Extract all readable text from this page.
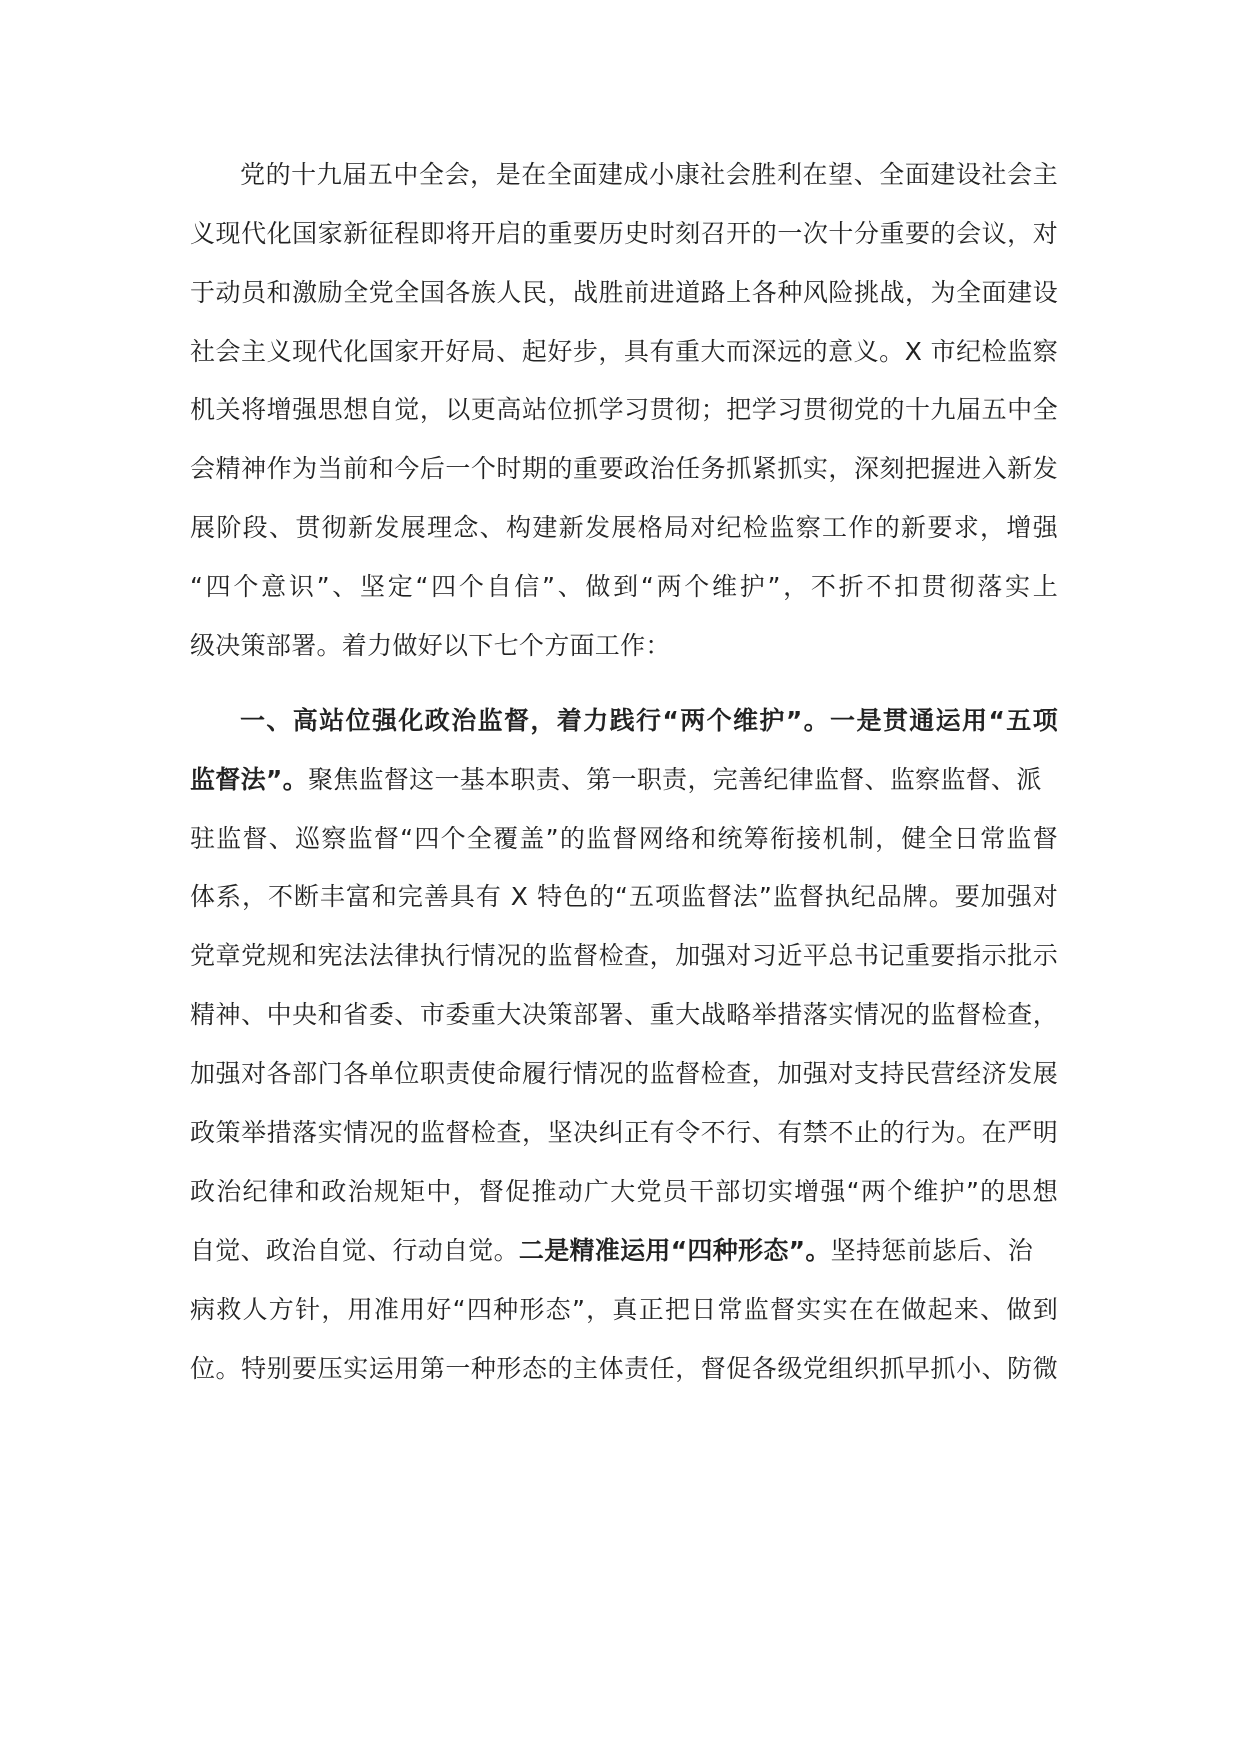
党的十九届五中全会，是在全面建成小康社会胜利在望、全面建设社会主
义现代化国家新征程即将开启的重要历史时刻召开的一次十分重要的会议，对
于动员和激励全党全国各族人民，战胜前进道路上各种风险挑战，为全面建设
社会主义现代化国家开好局、起好步，具有重大而深远的意义。X 市纪检监察
机关将增强思想自觉，以更高站位抓学习贯彻；把学习贯彻党的十九届五中全
会精神作为当前和今后一个时期的重要政治任务抓紧抓实，深刻把握进入新发
展阶段、贯彻新发展理念、构建新发展格局对纪检监察工作的新要求，增强
“四个意识”、坚定“四个自信”、做到“两个维护”，不折不扣贯彻落实上
级决策部署。着力做好以下七个方面工作：
一、高站位强化政治监督，着力践行“两个维护”。一是贯通运用“五项
监督法”。聚焦监督这一基本职责、第一职责，完善纪律监督、监察监督、派
驻监督、巡察监督“四个全覆盖”的监督网络和统筹衔接机制，健全日常监督
体系，不断丰富和完善具有 X 特色的“五项监督法”监督执纪品牌。要加强对
党章党规和宪法法律执行情况的监督检查，加强对习近平总书记重要指示批示
精神、中央和省委、市委重大决策部署、重大战略举措落实情况的监督检查，
加强对各部门各单位职责使命履行情况的监督检查，加强对支持民营经济发展
政策举措落实情况的监督检查，坚决纠正有令不行、有禁不止的行为。在严明
政治纪律和政治规矩中，督促推动广大党员干部切实增强“两个维护”的思想
自觉、政治自觉、行动自觉。二是精准运用“四种形态”。坚持惩前毖后、治
病救人方针，用准用好“四种形态”，真正把日常监督实实在在做起来、做到
位。特别要压实运用第一种形态的主体责任，督促各级党组织抓早抓小、防微
